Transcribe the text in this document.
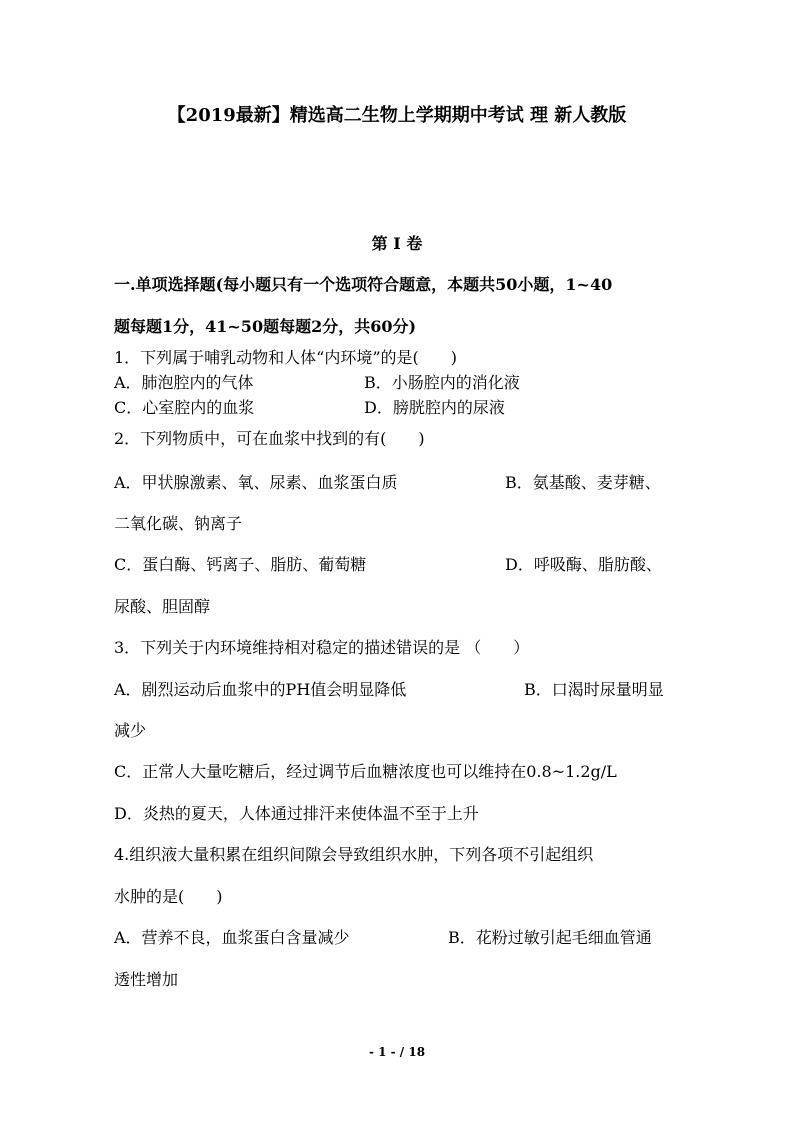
【2019最新】精选高二生物上学期期中考试 理 新人教版
第 Ⅰ 卷
一.单项选择题(每小题只有一个选项符合题意，本题共50小题，1~40
题每题1分，41~50题每题2分，共60分)
1．下列属于哺乳动物和人体“内环境”的是(　　)
A．肺泡腔内的气体	B．小肠腔内的消化液
C．心室腔内的血浆	D．膀胱腔内的尿液
2．下列物质中，可在血浆中找到的有(　　)
A．甲状腺激素、氧、尿素、血浆蛋白质	B．氨基酸、麦芽糖、
二氧化碳、钠离子
C．蛋白酶、钙离子、脂肪、葡萄糖	D．呼吸酶、脂肪酸、
尿酸、胆固醇
3．下列关于内环境维持相对稳定的描述错误的是 （　　）
A．剧烈运动后血浆中的PH值会明显降低	B．口渴时尿量明显
减少
C．正常人大量吃糖后，经过调节后血糖浓度也可以维持在0.8~1.2g/L
D．炎热的夏天，人体通过排汗来使体温不至于上升
4.组织液大量积累在组织间隙会导致组织水肿，下列各项不引起组织
水肿的是(　　)
A．营养不良，血浆蛋白含量减少	B．花粉过敏引起毛细血管通
透性增加
- 1 - / 18
